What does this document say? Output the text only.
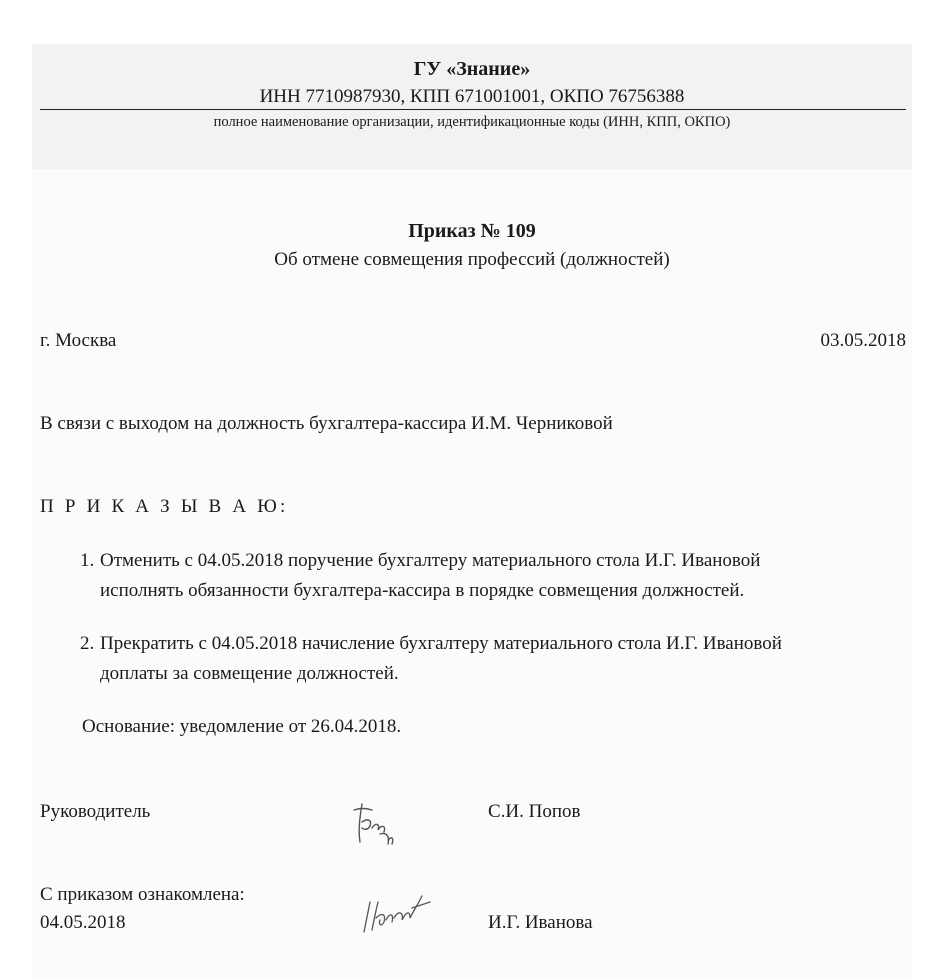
ГУ «Знание»
ИНН 7710987930, КПП 671001001, ОКПО 76756388
полное наименование организации, идентификационные коды (ИНН, КПП, ОКПО)
Приказ № 109
Об отмене совмещения профессий (должностей)
г. Москва	03.05.2018
В связи с выходом на должность бухгалтера-кассира И.М. Черниковой
П Р И К А З Ы В А Ю:
1. Отменить с 04.05.2018 поручение бухгалтеру материального стола И.Г. Ивановой
исполнять обязанности бухгалтера-кассира в порядке совмещения должностей.
2. Прекратить с 04.05.2018 начисление бухгалтеру материального стола И.Г. Ивановой
доплаты за совмещение должностей.
Основание: уведомление от 26.04.2018.
Руководитель	С.И. Попов
С приказом ознакомлена:
04.05.2018	И.Г. Иванова
